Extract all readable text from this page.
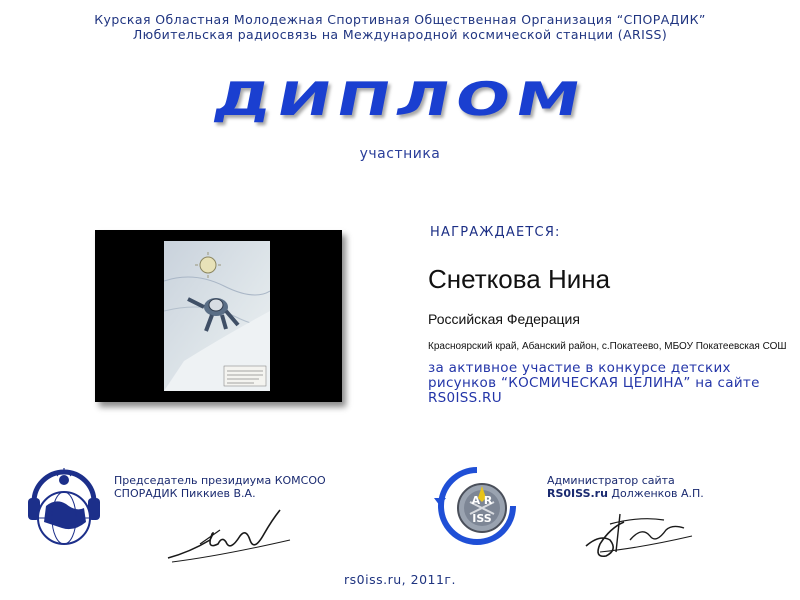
Курская Областная Молодежная Спортивная Общественная Организация “СПОРАДИК”
Любительская радиосвязь на Международной космической станции (ARISS)
ДИПЛОМ
участника
НАГРАЖДАЕТСЯ:
Снеткова Нина
Российская Федерация
Красноярский край, Абанский район, с.Покатеево, МБОУ Покатеевская СОШ
за активное участие в конкурсе детских рисунков “КОСМИЧЕСКАЯ ЦЕЛИНА” на сайте RS0ISS.RU
Председатель президиума КОМСОО
СПОРАДИК Пиккиев В.А.
A R
ISS
Администратор сайта
RS0ISS.ru Долженков А.П.
rs0iss.ru, 2011г.
